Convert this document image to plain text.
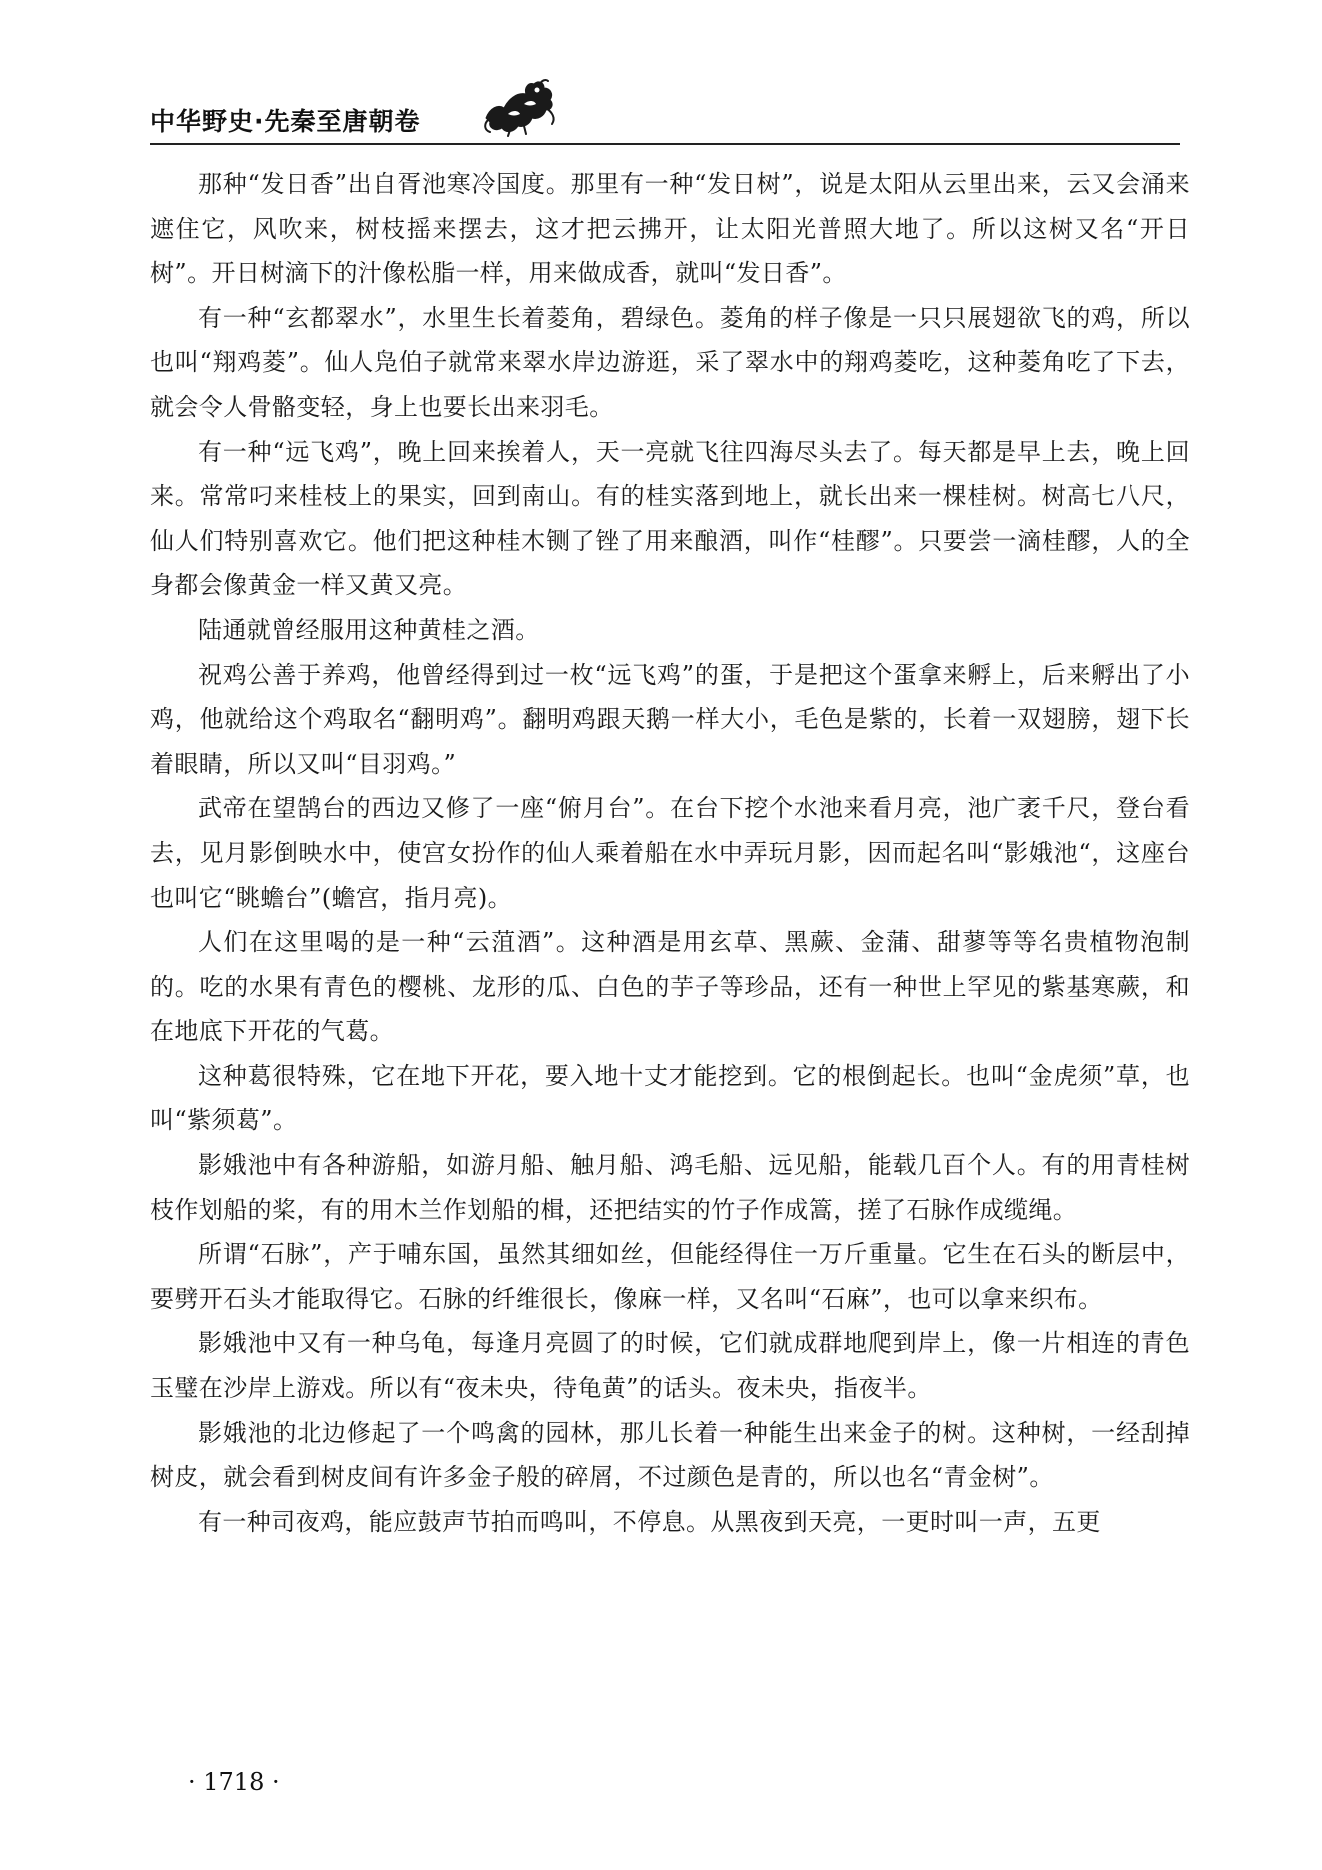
中华野史·先秦至唐朝卷

那种“发日香”出自胥池寒冷国度。那里有一种“发日树”，说是太阳从云里出来，云又会涌来遮住它，风吹来，树枝摇来摆去，这才把云拂开，让太阳光普照大地了。所以这树又名“开日树”。开日树滴下的汁像松脂一样，用来做成香，就叫“发日香”。

有一种“玄都翠水”，水里生长着菱角，碧绿色。菱角的样子像是一只只展翅欲飞的鸡，所以也叫“翔鸡菱”。仙人凫伯子就常来翠水岸边游逛，采了翠水中的翔鸡菱吃，这种菱角吃了下去，就会令人骨骼变轻，身上也要长出来羽毛。

有一种“远飞鸡”，晚上回来挨着人，天一亮就飞往四海尽头去了。每天都是早上去，晚上回来。常常叼来桂枝上的果实，回到南山。有的桂实落到地上，就长出来一棵桂树。树高七八尺，仙人们特别喜欢它。他们把这种桂木铡了锉了用来酿酒，叫作“桂醪”。只要尝一滴桂醪，人的全身都会像黄金一样又黄又亮。

陆通就曾经服用这种黄桂之酒。

祝鸡公善于养鸡，他曾经得到过一枚“远飞鸡”的蛋，于是把这个蛋拿来孵上，后来孵出了小鸡，他就给这个鸡取名“翻明鸡”。翻明鸡跟天鹅一样大小，毛色是紫的，长着一双翅膀，翅下长着眼睛，所以又叫“目羽鸡。”

武帝在望鹄台的西边又修了一座“俯月台”。在台下挖个水池来看月亮，池广袤千尺，登台看去，见月影倒映水中，使宫女扮作的仙人乘着船在水中弄玩月影，因而起名叫“影娥池“，这座台也叫它“眺蟾台”(蟾宫，指月亮)。

人们在这里喝的是一种“云菹酒”。这种酒是用玄草、黑蕨、金蒲、甜蓼等等名贵植物泡制的。吃的水果有青色的樱桃、龙形的瓜、白色的芋子等珍品，还有一种世上罕见的紫基寒蕨，和在地底下开花的气葛。

这种葛很特殊，它在地下开花，要入地十丈才能挖到。它的根倒起长。也叫“金虎须”草，也叫“紫须葛”。

影娥池中有各种游船，如游月船、触月船、鸿毛船、远见船，能载几百个人。有的用青桂树枝作划船的桨，有的用木兰作划船的楫，还把结实的竹子作成篙，搓了石脉作成缆绳。

所谓“石脉”，产于哺东国，虽然其细如丝，但能经得住一万斤重量。它生在石头的断层中，要劈开石头才能取得它。石脉的纤维很长，像麻一样，又名叫“石麻”，也可以拿来织布。

影娥池中又有一种乌龟，每逢月亮圆了的时候，它们就成群地爬到岸上，像一片相连的青色玉璧在沙岸上游戏。所以有“夜未央，待龟黄”的话头。夜未央，指夜半。

影娥池的北边修起了一个鸣禽的园林，那儿长着一种能生出来金子的树。这种树，一经刮掉树皮，就会看到树皮间有许多金子般的碎屑，不过颜色是青的，所以也名“青金树”。

有一种司夜鸡，能应鼓声节拍而鸣叫，不停息。从黑夜到天亮，一更时叫一声，五更

· 1718 ·
